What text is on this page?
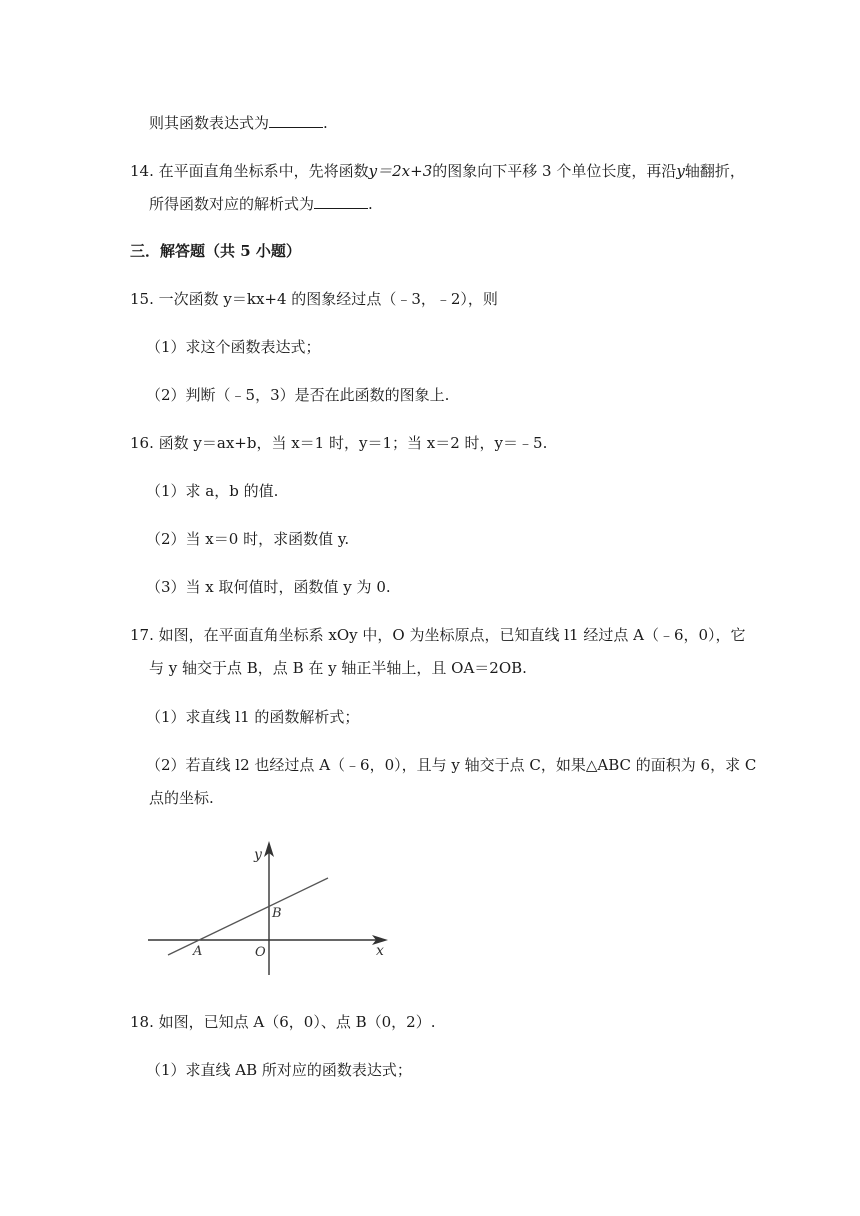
则其函数表达式为	.
14. 在平面直角坐标系中，先将函数y＝2x+3的图象向下平移 3 个单位长度，再沿y轴翻折，
所得函数对应的解析式为	.
三．解答题（共 5 小题）
15. 一次函数 y＝kx+4 的图象经过点（﹣3，﹣2），则
（1）求这个函数表达式；
（2）判断（﹣5，3）是否在此函数的图象上.
16. 函数 y＝ax+b，当 x＝1 时，y＝1；当 x＝2 时，y＝﹣5.
（1）求 a，b 的值.
（2）当 x＝0 时，求函数值 y.
（3）当 x 取何值时，函数值 y 为 0.
17. 如图，在平面直角坐标系 xOy 中，O 为坐标原点，已知直线 l1 经过点 A（﹣6，0），它
与 y 轴交于点 B，点 B 在 y 轴正半轴上，且 OA＝2OB.
（1）求直线 l1 的函数解析式；
（2）若直线 l2 也经过点 A（﹣6，0），且与 y 轴交于点 C，如果△ABC 的面积为 6，求 C
点的坐标.
y
x
A
B
O
18. 如图，已知点 A（6，0）、点 B（0，2）.
（1）求直线 AB 所对应的函数表达式；
